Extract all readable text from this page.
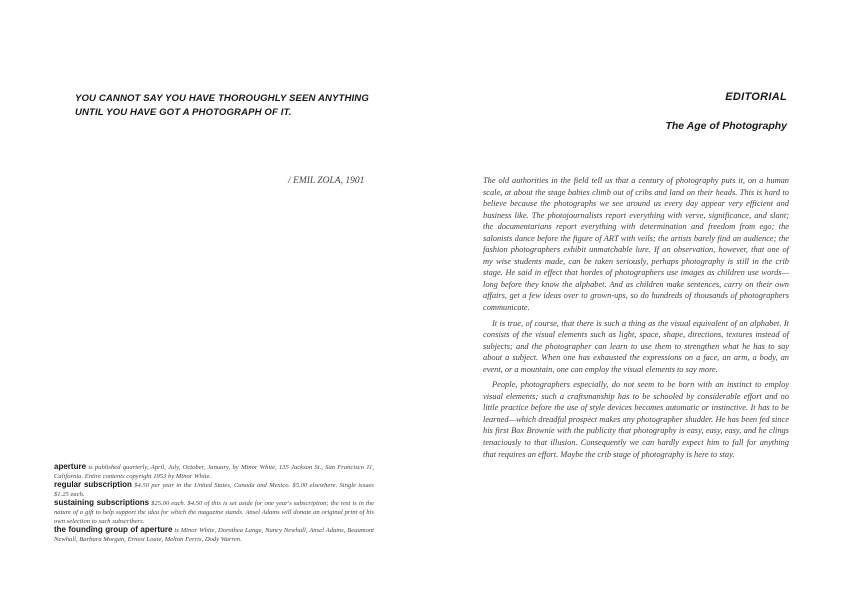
YOU CANNOT SAY YOU HAVE THOROUGHLY SEEN ANYTHING
UNTIL YOU HAVE GOT A PHOTOGRAPH OF IT.
/ EMIL ZOLA, 1901

aperture is published quarterly, April, July, October, January, by Minor White, 135 Jackson St., San Francisco 11, California. Entire contents copyright 1953 by Minor White.

regular subscription $4.50 per year in the United States, Canada and Mexico. $5.00 elsewhere. Single issues $1.25 each.

sustaining subscriptions $25.00 each. $4.50 of this is set aside for one year's subscription; the rest is in the nature of a gift to help support the idea for which the magazine stands. Ansel Adams will donate an original print of his own selection to such subscribers.

the founding group of aperture is Minor White, Dorothea Lange, Nancy Newhall, Ansel Adams, Beaumont Newhall, Barbara Morgan, Ernest Louie, Melton Ferris, Dody Warren.

EDITORIAL
The Age of Photography

The old authorities in the field tell us that a century of photography puts it, on a human scale, at about the stage babies climb out of cribs and land on their heads. This is hard to believe because the photographs we see around us every day appear very efficient and business like. The photojournalists report everything with verve, significance, and slant; the documentarians report everything with determination and freedom from ego; the salonists dance before the figure of ART with veils; the artists barely find an audience; the fashion photographers exhibit unmatchable lure. If an observation, however, that one of my wise students made, can be taken seriously, perhaps photography is still in the crib stage. He said in effect that hordes of photographers use images as children use words—long before they know the alphabet. And as children make sentences, carry on their own affairs, get a few ideas over to grown-ups, so do hundreds of thousands of photographers communicate.

It is true, of course, that there is such a thing as the visual equivalent of an alphabet. It consists of the visual elements such as light, space, shape, directions, textures instead of subjects; and the photographer can learn to use them to strengthen what he has to say about a subject. When one has exhausted the expressions on a face, an arm, a body, an event, or a mountain, one can employ the visual elements to say more.

People, photographers especially, do not seem to be born with an instinct to employ visual elements; such a craftsmanship has to be schooled by considerable effort and no little practice before the use of style devices becomes automatic or instinctive. It has to be learned—which dreadful prospect makes any photographer shudder. He has been fed since his first Box Brownie with the publicity that photography is easy, easy, easy, and he clings tenaciously to that illusion. Consequently we can hardly expect him to fall for anything that requires an effort. Maybe the crib stage of photography is here to stay.
